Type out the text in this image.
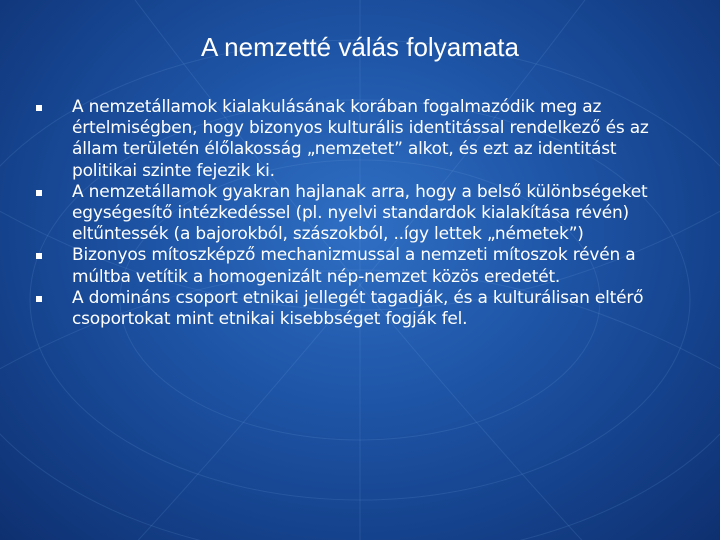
A nemzetté válás folyamata
A nemzetállamok kialakulásának korában fogalmazódik meg az értelmiségben, hogy bizonyos kulturális identitással rendelkező és az állam területén élőlakosság „nemzetet” alkot, és ezt az identitást politikai szinte fejezik ki.
A nemzetállamok gyakran hajlanak arra, hogy a belső különbségeket egységesítő intézkedéssel (pl. nyelvi standardok kialakítása révén) eltűntessék (a bajorokból, szászokból, ..így lettek „németek”)
Bizonyos mítoszképző mechanizmussal a nemzeti mítoszok révén a múltba vetítik a homogenizált nép-nemzet közös eredetét.
A domináns csoport etnikai jellegét tagadják, és a kulturálisan eltérő csoportokat mint etnikai kisebbséget fogják fel.
